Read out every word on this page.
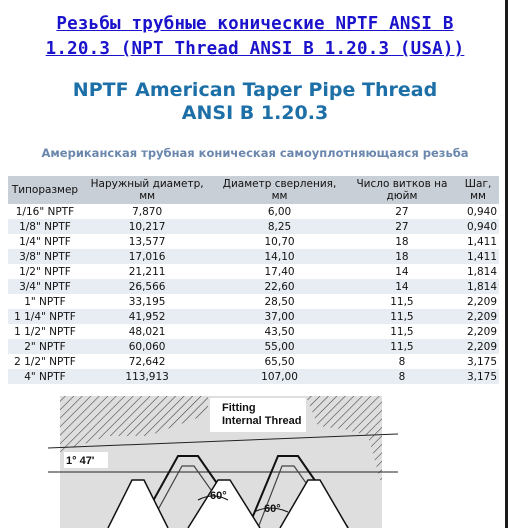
Резьбы трубные конические NPTF ANSI B
1.20.3 (NPT Thread ANSI B 1.20.3 (USA))
NPTF American Taper Pipe Thread
ANSI B 1.20.3
Американская трубная коническая самоуплотняющаяся резьба
Типоразмер	Наружный диаметр, мм	Диаметр сверления, мм	Число витков на дюйм	Шаг, мм
1/16" NPTF	7,870	6,00	27	0,940
1/8" NPTF	10,217	8,25	27	0,940
1/4" NPTF	13,577	10,70	18	1,411
3/8" NPTF	17,016	14,10	18	1,411
1/2" NPTF	21,211	17,40	14	1,814
3/4" NPTF	26,566	22,60	14	1,814
1" NPTF	33,195	28,50	11,5	2,209
1 1/4" NPTF	41,952	37,00	11,5	2,209
1 1/2" NPTF	48,021	43,50	11,5	2,209
2" NPTF	60,060	55,00	11,5	2,209
2 1/2" NPTF	72,642	65,50	8	3,175
4" NPTF	113,913	107,00	8	3,175
Fitting
Internal Thread
1° 47'
60°
60°
